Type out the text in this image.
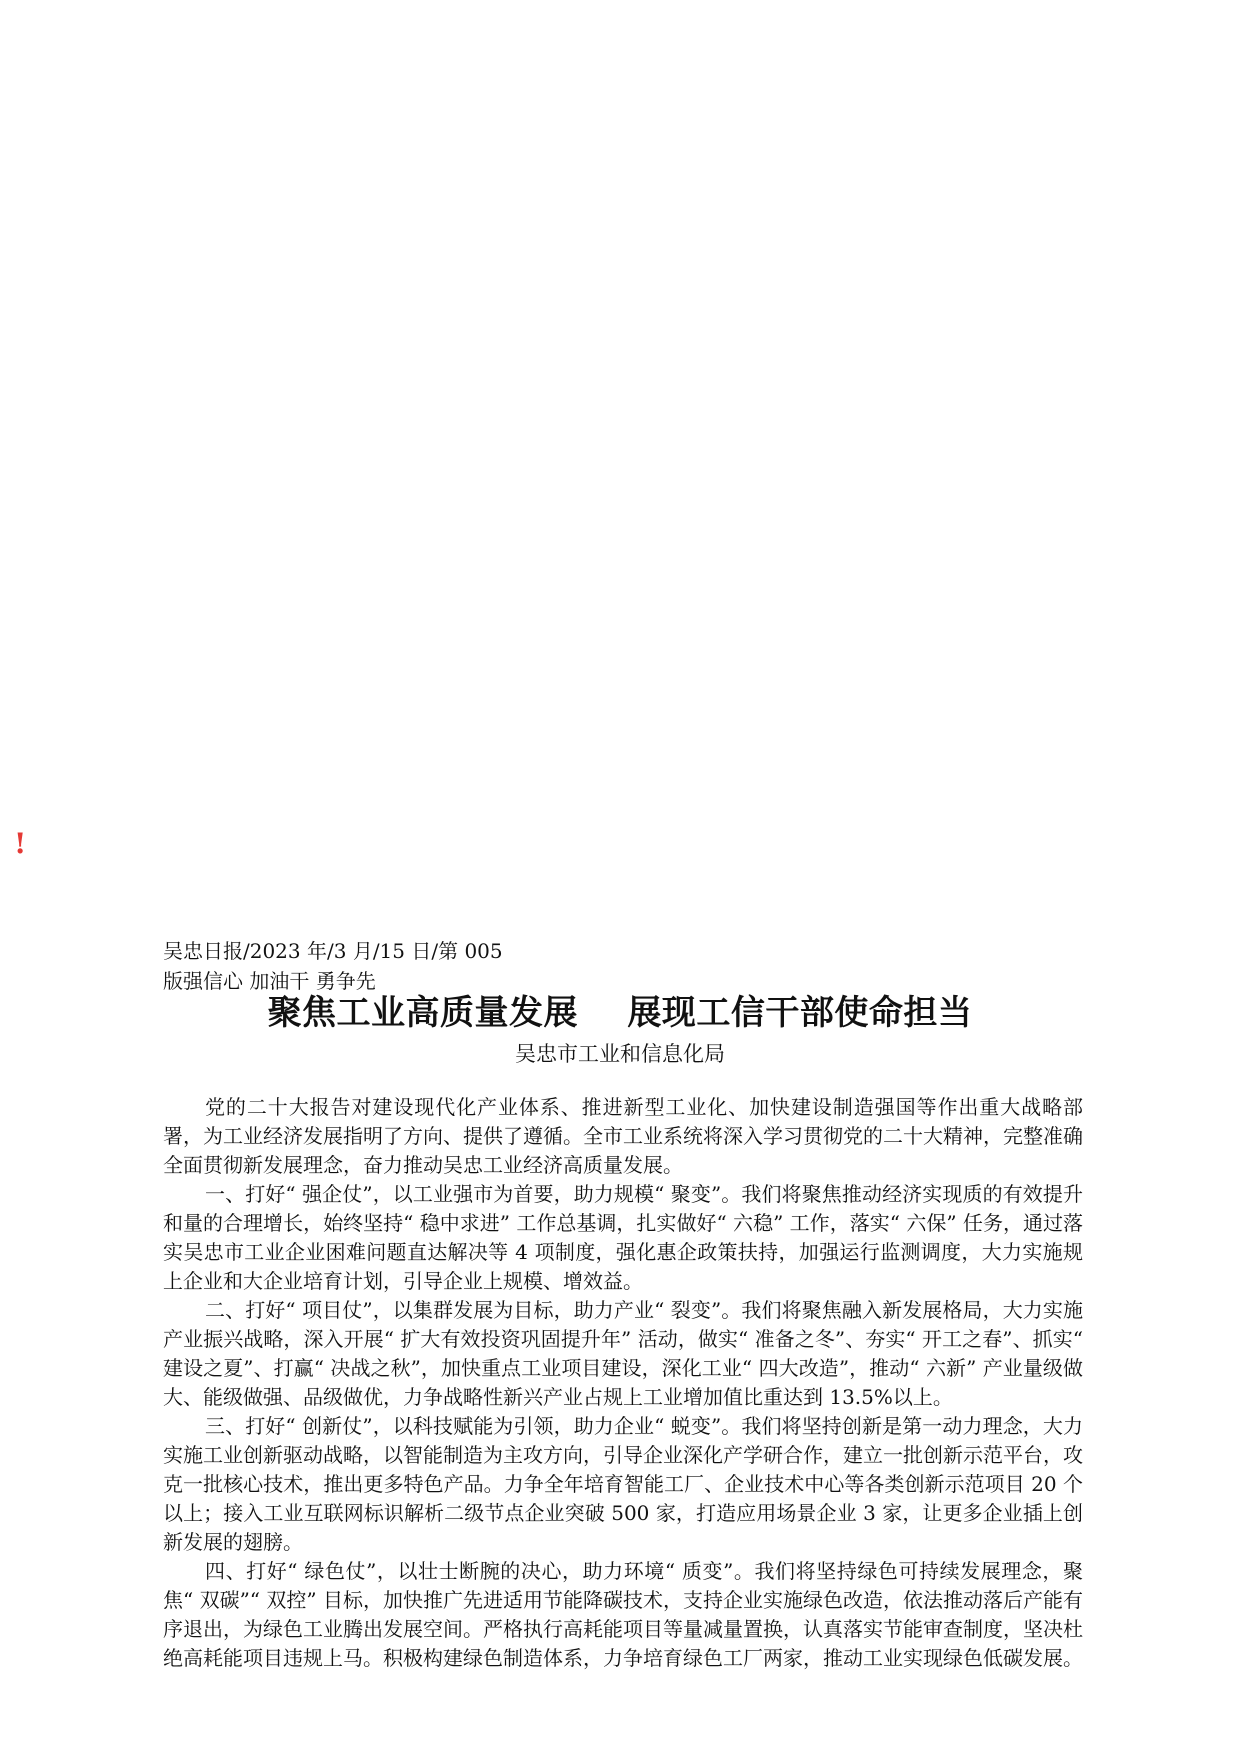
!
吴忠日报/2023 年/3 月/15 日/第 005
版强信心 加油干 勇争先
聚焦工业高质量发展    展现工信干部使命担当
吴忠市工业和信息化局

党的二十大报告对建设现代化产业体系、推进新型工业化、加快建设制造强国等作出重大战略部署，为工业经济发展指明了方向、提供了遵循。全市工业系统将深入学习贯彻党的二十大精神，完整准确全面贯彻新发展理念，奋力推动吴忠工业经济高质量发展。

一、打好“ 强企仗”，以工业强市为首要，助力规模“ 聚变”。我们将聚焦推动经济实现质的有效提升和量的合理增长，始终坚持“ 稳中求进” 工作总基调，扎实做好“ 六稳” 工作，落实“ 六保” 任务，通过落实吴忠市工业企业困难问题直达解决等 4 项制度，强化惠企政策扶持，加强运行监测调度，大力实施规上企业和大企业培育计划，引导企业上规模、增效益。

二、打好“ 项目仗”，以集群发展为目标，助力产业“ 裂变”。我们将聚焦融入新发展格局，大力实施产业振兴战略，深入开展“ 扩大有效投资巩固提升年” 活动，做实“ 准备之冬”、夯实“ 开工之春”、抓实“ 建设之夏”、打赢“ 决战之秋”，加快重点工业项目建设，深化工业“ 四大改造”，推动“ 六新” 产业量级做大、能级做强、品级做优，力争战略性新兴产业占规上工业增加值比重达到 13.5%以上。

三、打好“ 创新仗”，以科技赋能为引领，助力企业“ 蜕变”。我们将坚持创新是第一动力理念，大力实施工业创新驱动战略，以智能制造为主攻方向，引导企业深化产学研合作，建立一批创新示范平台，攻克一批核心技术，推出更多特色产品。力争全年培育智能工厂、企业技术中心等各类创新示范项目 20 个以上；接入工业互联网标识解析二级节点企业突破 500 家，打造应用场景企业 3 家，让更多企业插上创新发展的翅膀。

四、打好“ 绿色仗”，以壮士断腕的决心，助力环境“ 质变”。我们将坚持绿色可持续发展理念，聚焦“ 双碳”“ 双控” 目标，加快推广先进适用节能降碳技术，支持企业实施绿色改造，依法推动落后产能有序退出，为绿色工业腾出发展空间。严格执行高耗能项目等量减量置换，认真落实节能审查制度，坚决杜绝高耗能项目违规上马。积极构建绿色制造体系，力争培育绿色工厂两家，推动工业实现绿色低碳发展。
